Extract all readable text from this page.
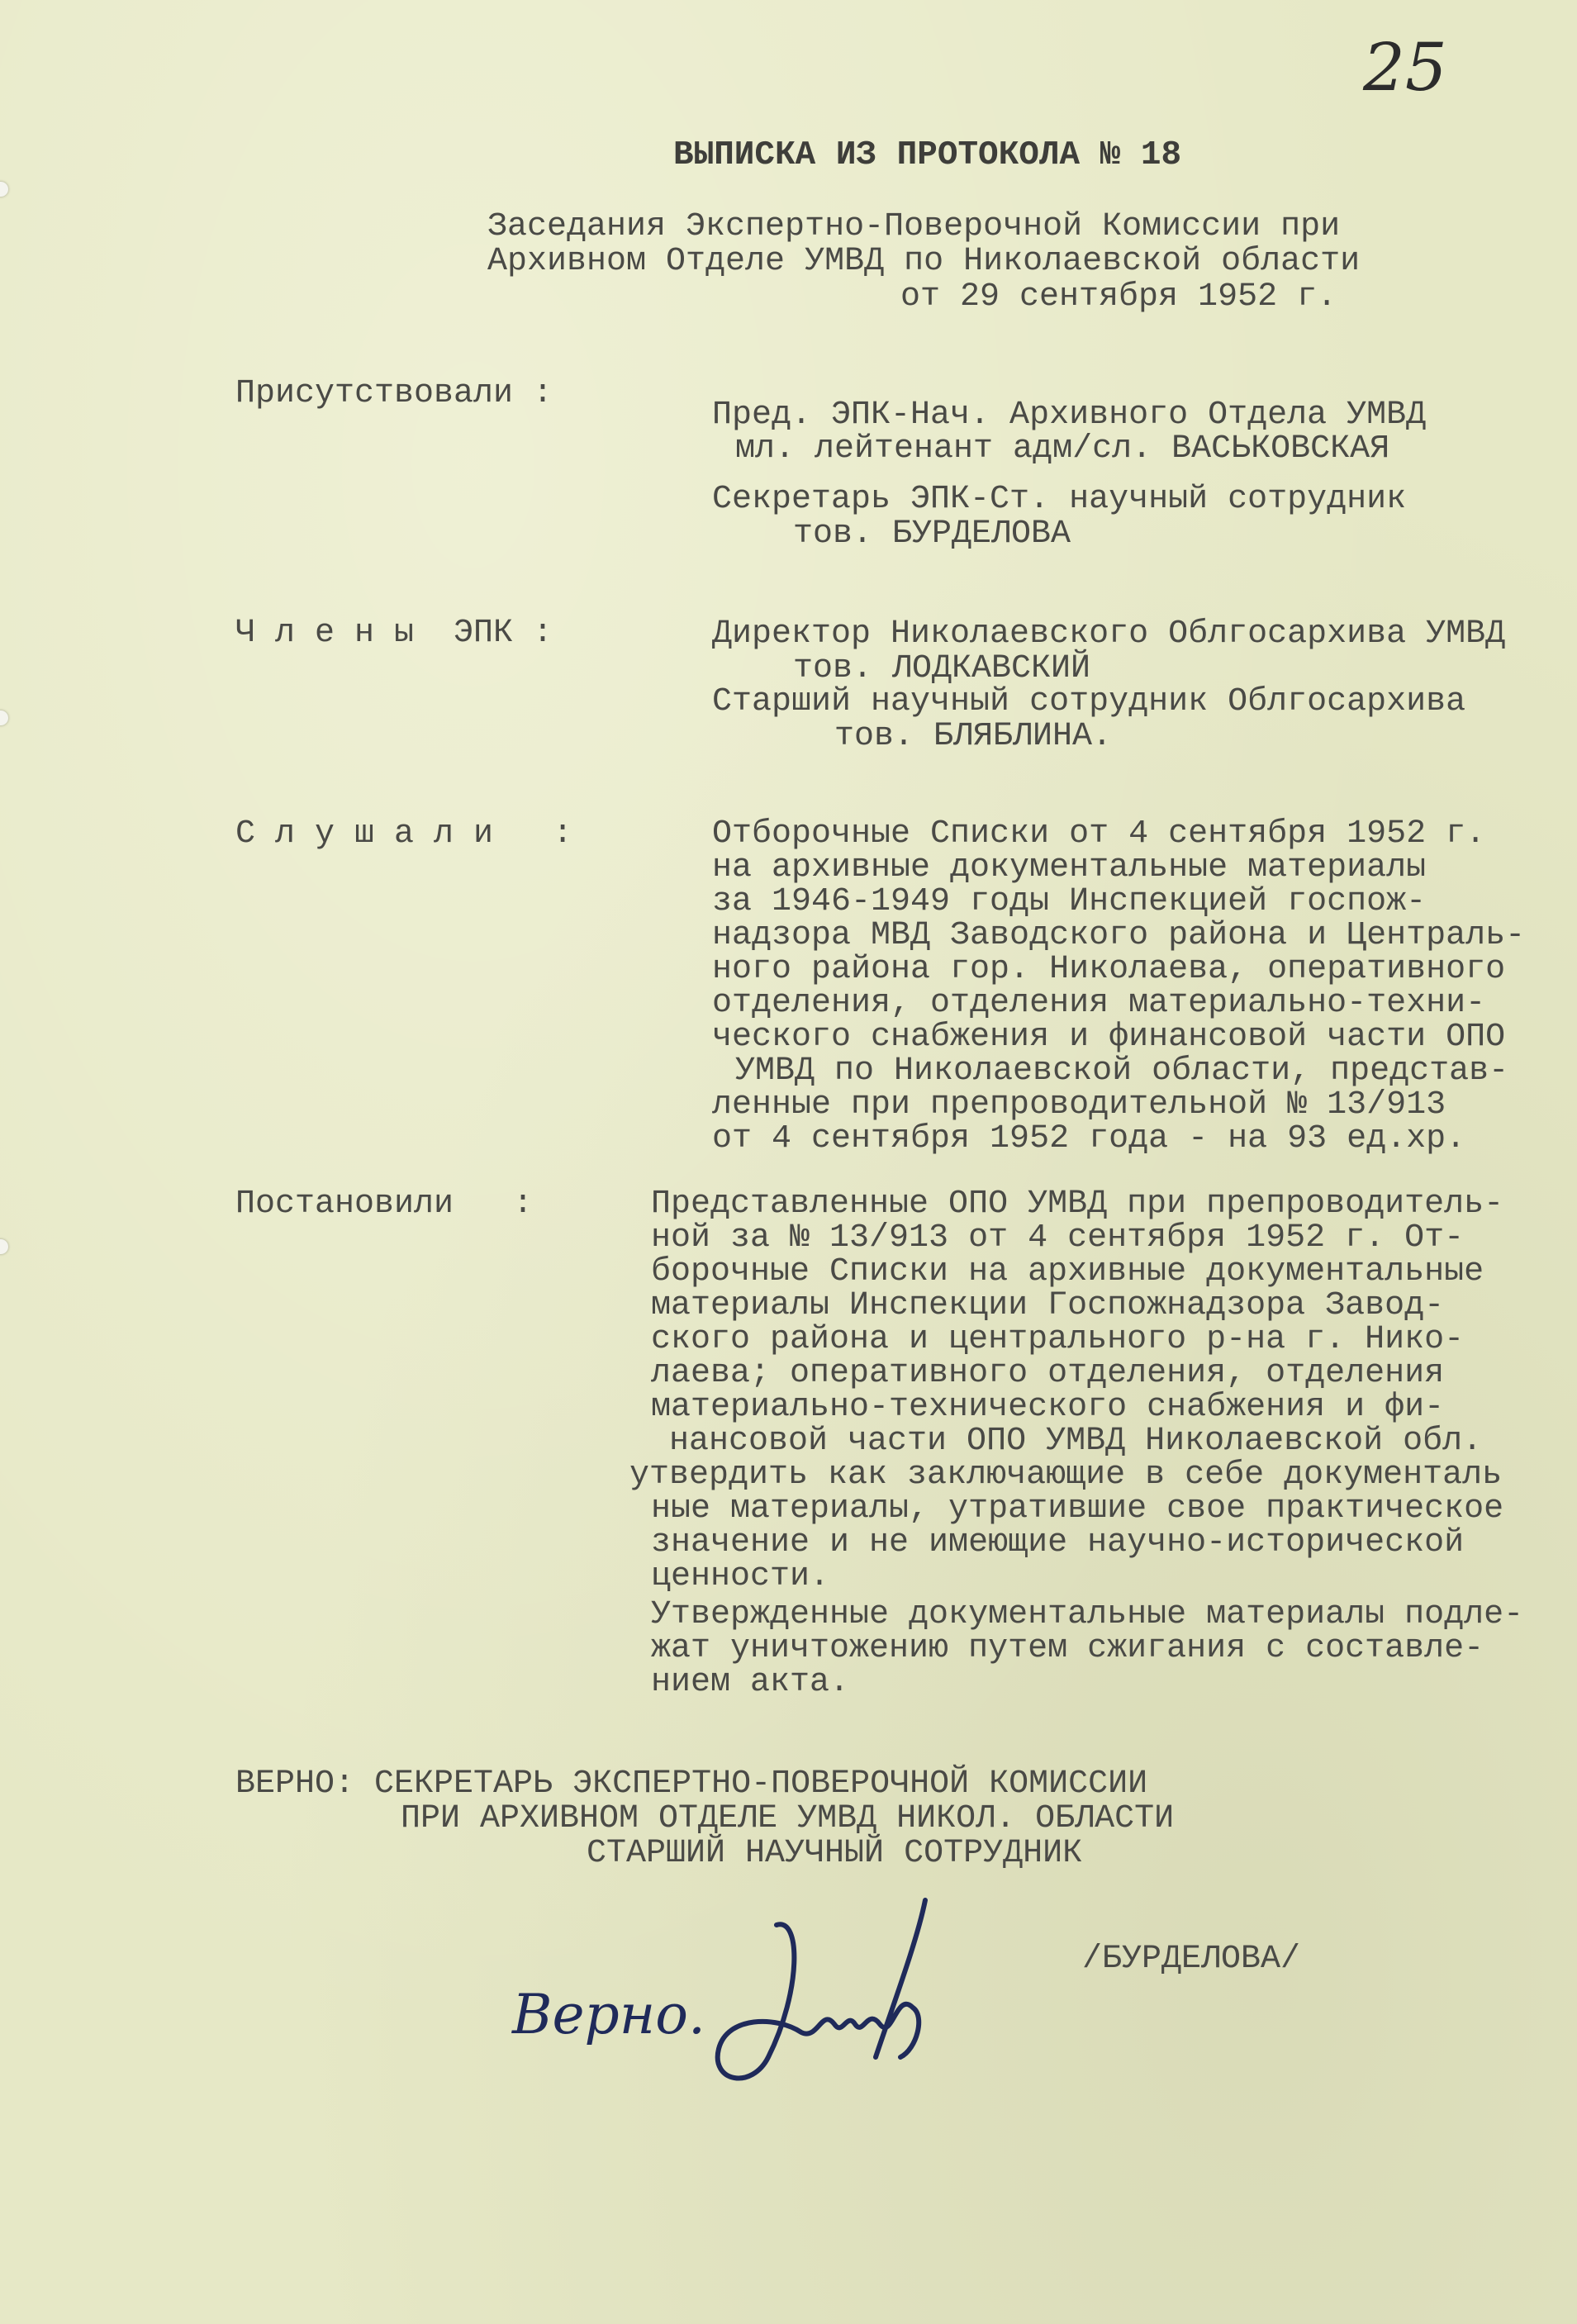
25
ВЫПИСКА ИЗ ПРОТОКОЛА № 18
Заседания Экспертно-Поверочной Комиссии при
Архивном Отделе УМВД по Николаевской области
от 29 сентября 1952 г.
Присутствовали :
Пред. ЭПК-Нач. Архивного Отдела УМВД
мл. лейтенант адм/сл. ВАСЬКОВСКАЯ
Секретарь ЭПК-Ст. научный сотрудник
тов. БУРДЕЛОВА
Ч л е н ы  ЭПК :	Директор Николаевского Облгосархива УМВД
тов. ЛОДКАВСКИЙ
Старший научный сотрудник Облгосархива
тов. БЛЯБЛИНА.
С л у ш а л и   :	Отборочные Списки от 4 сентября 1952 г.
на архивные документальные материалы
за 1946-1949 годы Инспекцией госпож-
надзора МВД Заводского района и Централь-
ного района гор. Николаева, оперативного
отделения, отделения материально-техни-
ческого снабжения и финансовой части ОПО
УМВД по Николаевской области, представ-
ленные при препроводительной № 13/913
от 4 сентября 1952 года - на 93 ед.хр.
Постановили   :	Представленные ОПО УМВД при препроводитель-
ной за № 13/913 от 4 сентября 1952 г. От-
борочные Списки на архивные документальные
материалы Инспекции Госпожнадзора Завод-
ского района и центрального р-на г. Нико-
лаева; оперативного отделения, отделения
материально-технического снабжения и фи-
нансовой части ОПО УМВД Николаевской обл.
утвердить как заключающие в себе документаль
ные материалы, утратившие свое практическое
значение и не имеющие научно-исторической
ценности.
Утвержденные документальные материалы подле-
жат уничтожению путем сжигания с составле-
нием акта.
ВЕРНО: СЕКРЕТАРЬ ЭКСПЕРТНО-ПОВЕРОЧНОЙ КОМИССИИ
ПРИ АРХИВНОМ ОТДЕЛЕ УМВД НИКОЛ. ОБЛАСТИ
СТАРШИЙ НАУЧНЫЙ СОТРУДНИК
/БУРДЕЛОВА/
Верно.
